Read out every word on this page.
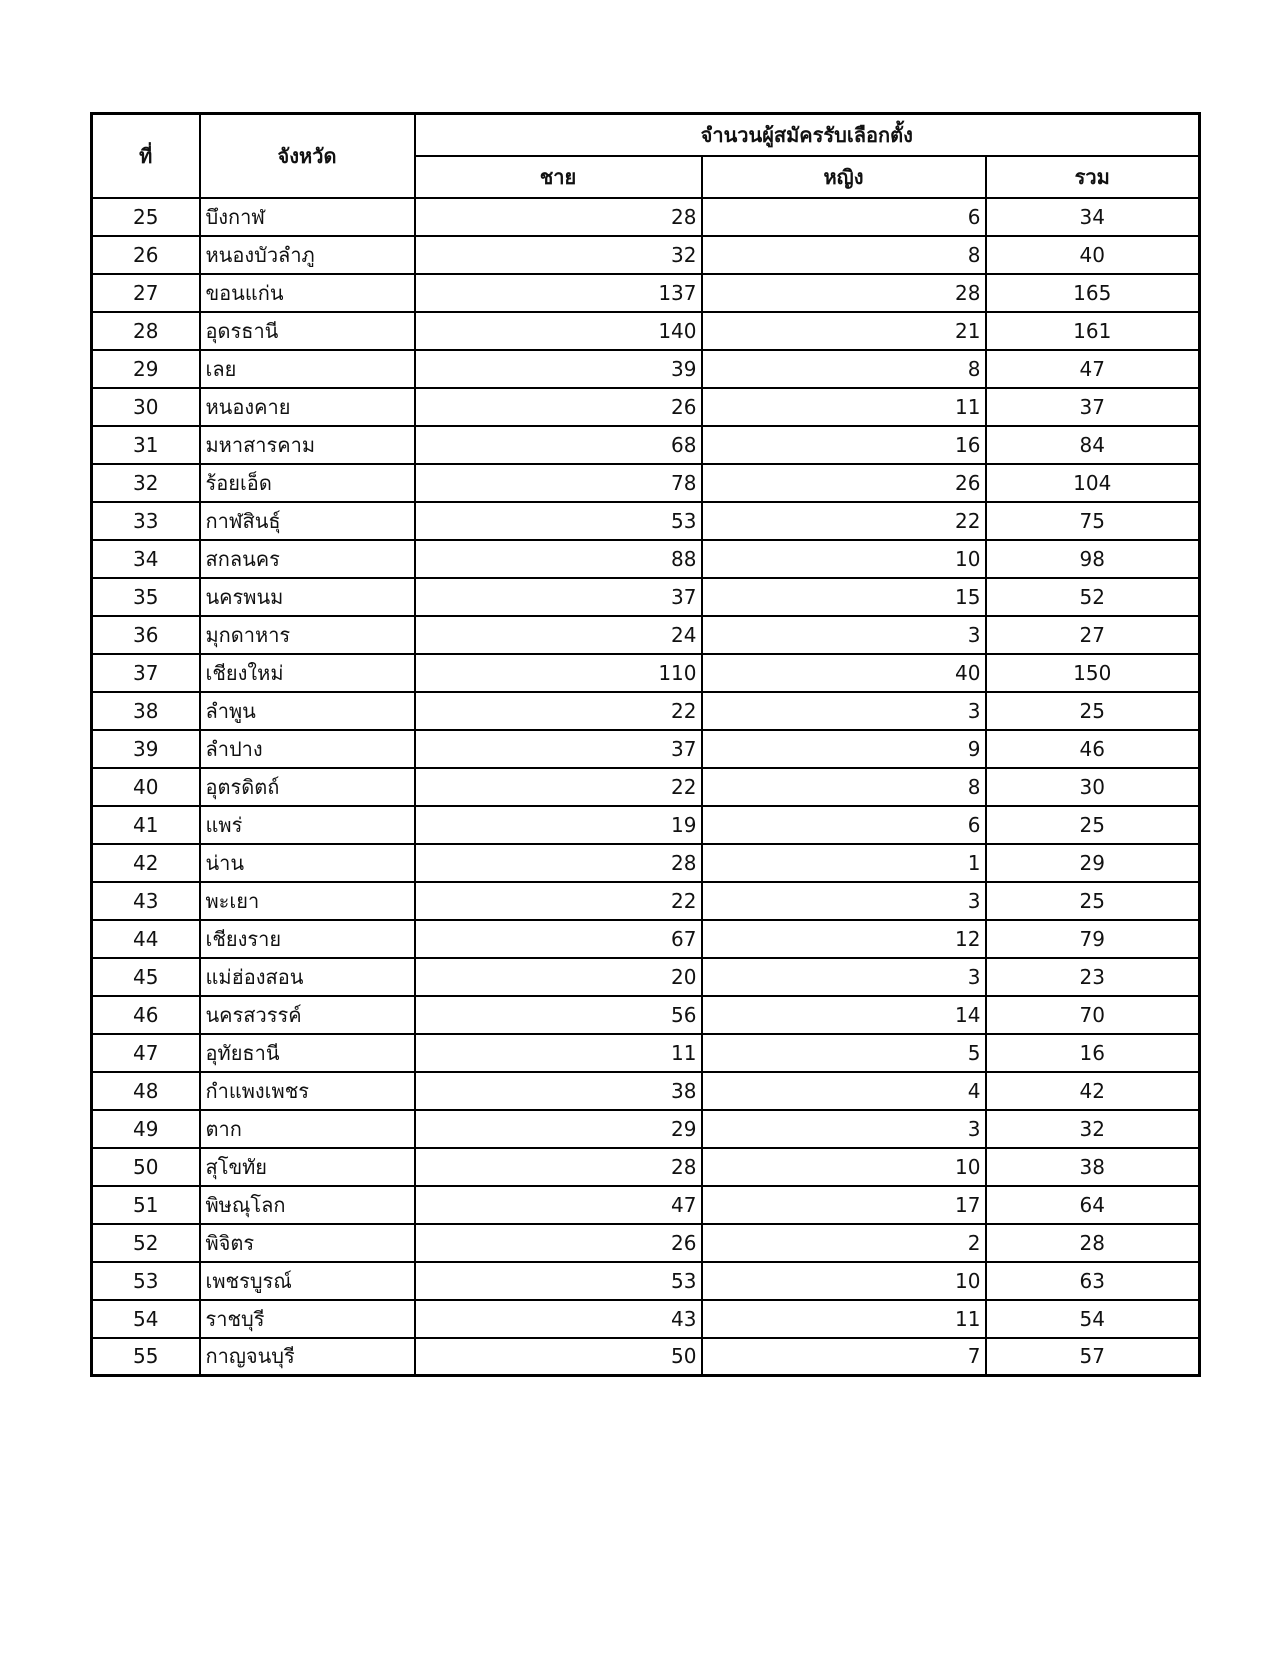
ที่	จังหวัด	จำนวนผู้สมัครรับเลือกตั้ง		
		ชาย	หญิง	รวม
25	บึงกาฬ	28	6	34
26	หนองบัวลำภู	32	8	40
27	ขอนแก่น	137	28	165
28	อุดรธานี	140	21	161
29	เลย	39	8	47
30	หนองคาย	26	11	37
31	มหาสารคาม	68	16	84
32	ร้อยเอ็ด	78	26	104
33	กาฬสินธุ์	53	22	75
34	สกลนคร	88	10	98
35	นครพนม	37	15	52
36	มุกดาหาร	24	3	27
37	เชียงใหม่	110	40	150
38	ลำพูน	22	3	25
39	ลำปาง	37	9	46
40	อุตรดิตถ์	22	8	30
41	แพร่	19	6	25
42	น่าน	28	1	29
43	พะเยา	22	3	25
44	เชียงราย	67	12	79
45	แม่ฮ่องสอน	20	3	23
46	นครสวรรค์	56	14	70
47	อุทัยธานี	11	5	16
48	กำแพงเพชร	38	4	42
49	ตาก	29	3	32
50	สุโขทัย	28	10	38
51	พิษณุโลก	47	17	64
52	พิจิตร	26	2	28
53	เพชรบูรณ์	53	10	63
54	ราชบุรี	43	11	54
55	กาญจนบุรี	50	7	57
